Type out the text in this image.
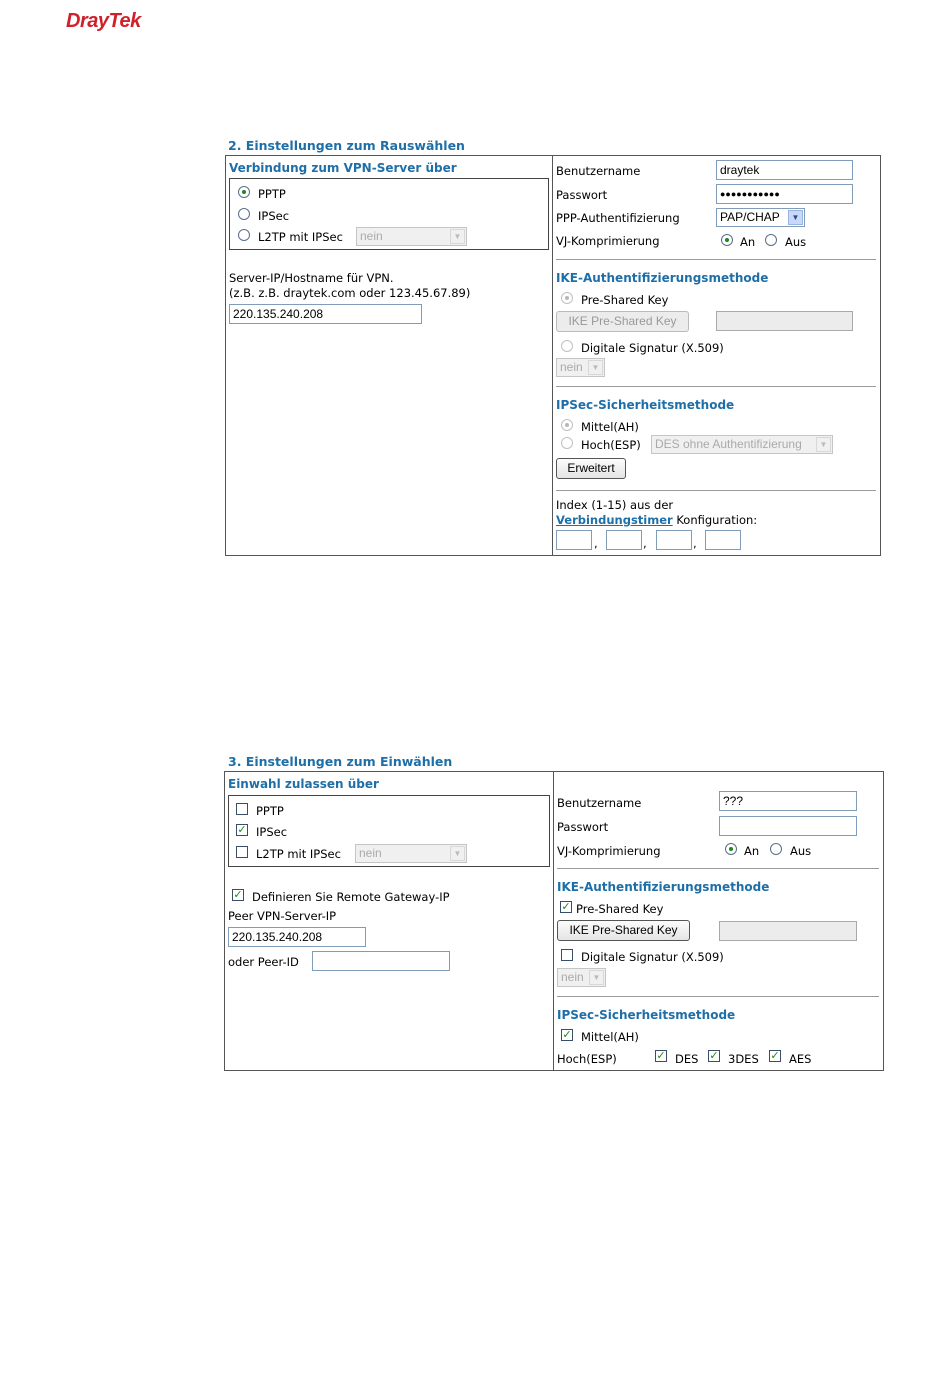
DrayTek
2. Einstellungen zum Rauswählen
Verbindung zum VPN-Server über
PPTP
IPSec
L2TP mit IPSec	nein	▼
Server-IP/Hostname für VPN.
(z.B. z.B. draytek.com oder 123.45.67.89)
220.135.240.208
Benutzername	draytek
Passwort	●●●●●●●●●●●
PPP-Authentifizierung	PAP/CHAP	▼
VJ-Komprimierung	An	Aus
IKE-Authentifizierungsmethode
Pre-Shared Key
IKE Pre-Shared Key
Digitale Signatur (X.509)
nein	▼
IPSec-Sicherheitsmethode
Mittel(AH)
Hoch(ESP)	DES ohne Authentifizierung	▼
Erweitert
Index (1-15) aus der
Verbindungstimer Konfiguration:
,	,	,
3. Einstellungen zum Einwählen
Einwahl zulassen über
PPTP
✓ IPSec
L2TP mit IPSec	nein	▼
✓ Definieren Sie Remote Gateway-IP
Peer VPN-Server-IP
220.135.240.208
oder Peer-ID
Benutzername	???
Passwort
VJ-Komprimierung	An	Aus
IKE-Authentifizierungsmethode
✓ Pre-Shared Key
IKE Pre-Shared Key
Digitale Signatur (X.509)
nein	▼
IPSec-Sicherheitsmethode
✓ Mittel(AH)
Hoch(ESP)	✓ DES ✓ 3DES ✓ AES
